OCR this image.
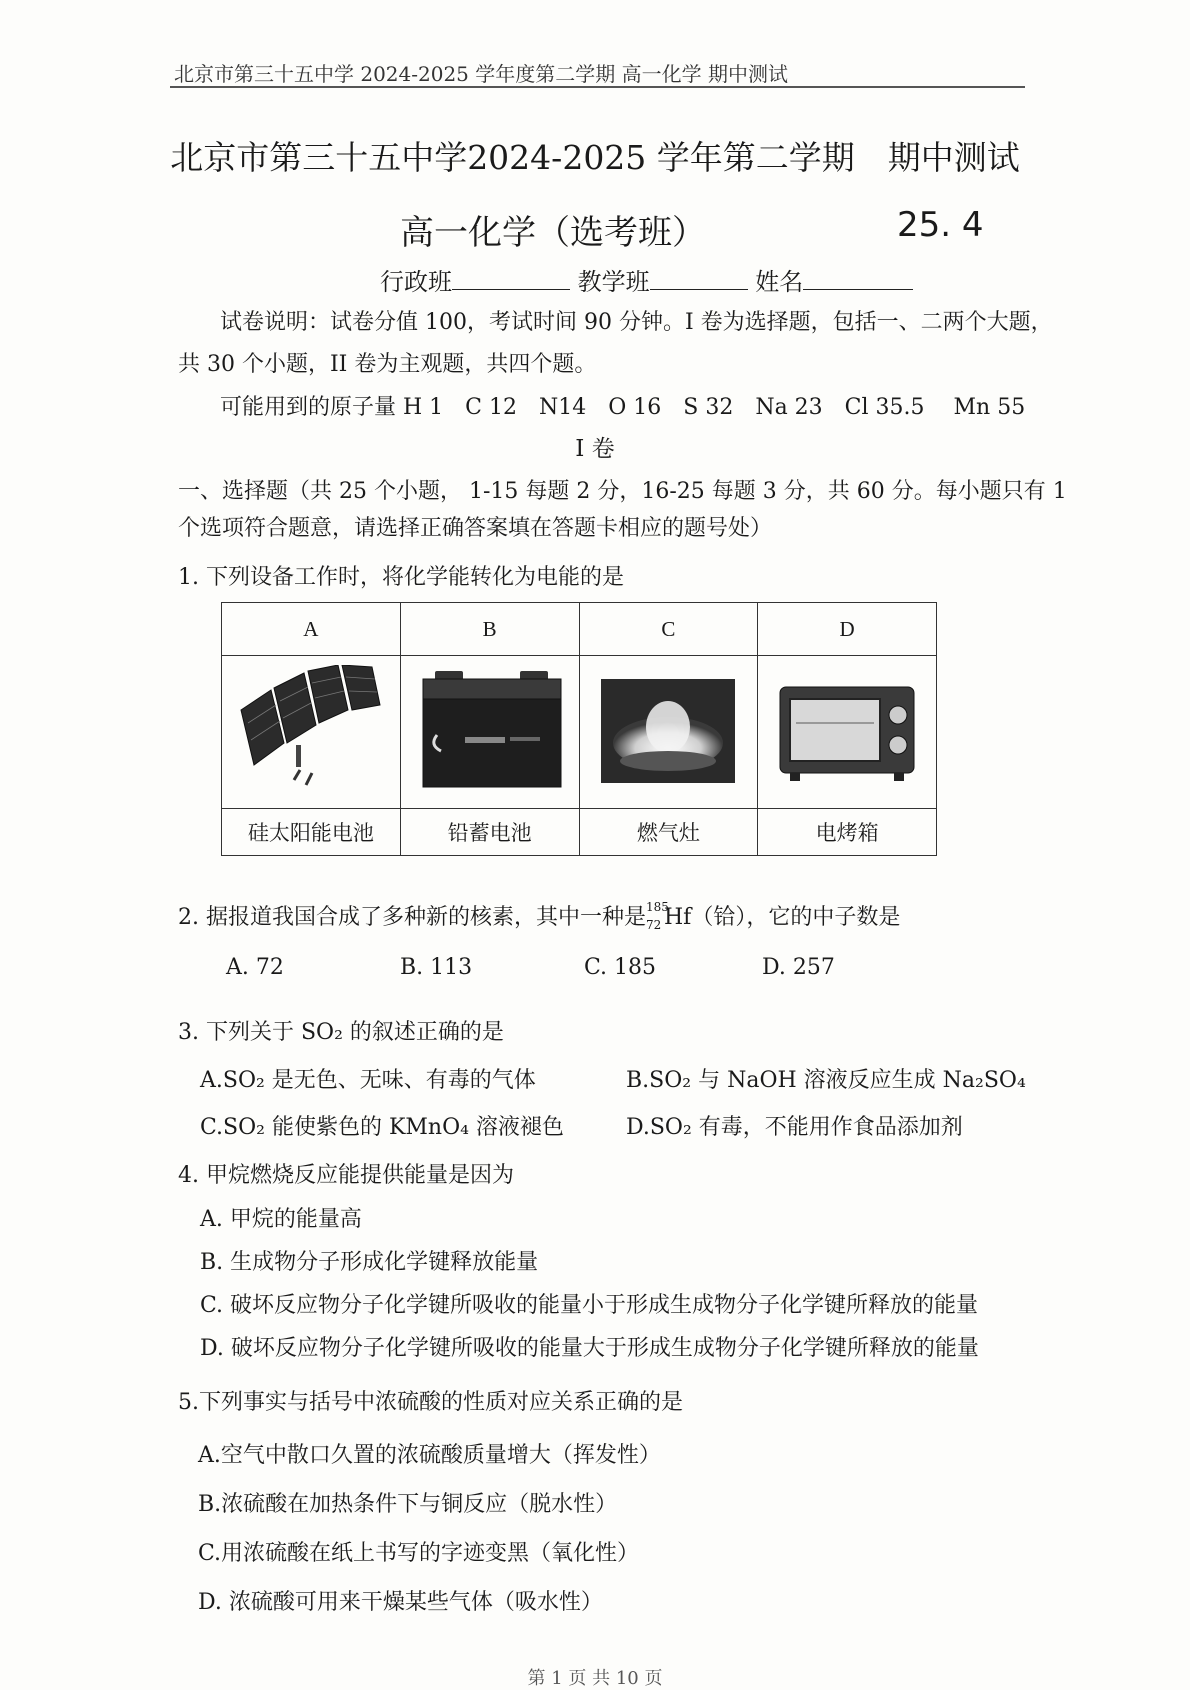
北京市第三十五中学 2024-2025 学年度第二学期 高一化学 期中测试
北京市第三十五中学2024-2025 学年第二学期　期中测试
高一化学（选考班）	25. 4
行政班	教学班	姓名
试卷说明：试卷分值 100，考试时间 90 分钟。I 卷为选择题，包括一、二两个大题，
共 30 个小题，II 卷为主观题，共四个题。
可能用到的原子量 H 1　C 12　N14　O 16　S 32　Na 23　Cl 35.5　 Mn 55
I 卷
一、选择题（共 25 个小题， 1-15 每题 2 分，16-25 每题 3 分，共 60 分。每小题只有 1
个选项符合题意，请选择正确答案填在答题卡相应的题号处）
1. 下列设备工作时，将化学能转化为电能的是
A	B	C	D

硅太阳能电池	铅蓄电池	燃气灶	电烤箱
2. 据报道我国合成了多种新的核素，其中一种是 185
72 Hf（铪），它的中子数是
A. 72	B. 113	C. 185	D. 257
3. 下列关于 SO₂ 的叙述正确的是
A.SO₂ 是无色、无味、有毒的气体	B.SO₂ 与 NaOH 溶液反应生成 Na₂SO₄
C.SO₂ 能使紫色的 KMnO₄ 溶液褪色	D.SO₂ 有毒，不能用作食品添加剂
4. 甲烷燃烧反应能提供能量是因为
A. 甲烷的能量高
B. 生成物分子形成化学键释放能量
C. 破坏反应物分子化学键所吸收的能量小于形成生成物分子化学键所释放的能量
D. 破坏反应物分子化学键所吸收的能量大于形成生成物分子化学键所释放的能量
5.下列事实与括号中浓硫酸的性质对应关系正确的是
A.空气中散口久置的浓硫酸质量增大（挥发性）
B.浓硫酸在加热条件下与铜反应（脱水性）
C.用浓硫酸在纸上书写的字迹变黑（氧化性）
D. 浓硫酸可用来干燥某些气体（吸水性）
第 1 页 共 10 页
